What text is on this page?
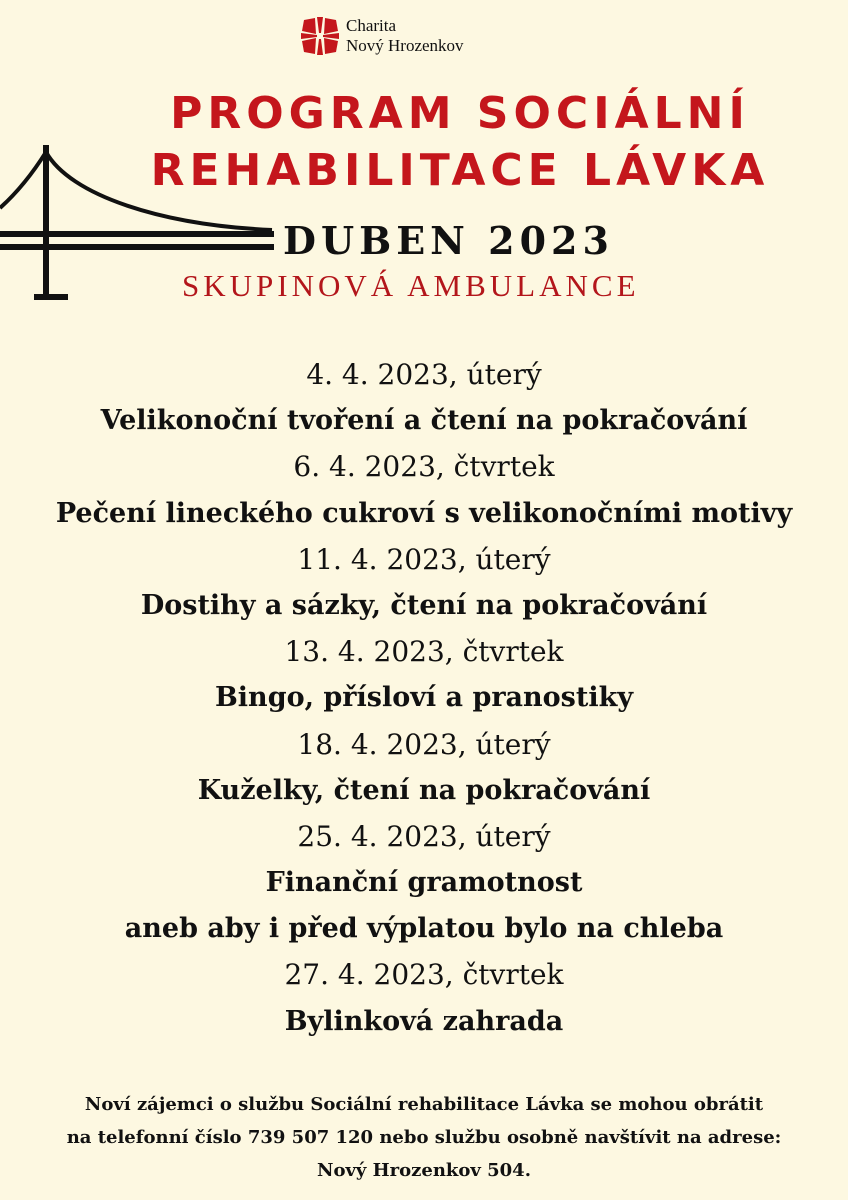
Charita
Nový Hrozenkov
PROGRAM SOCIÁLNÍ
REHABILITACE LÁVKA
DUBEN 2023
SKUPINOVÁ AMBULANCE
4. 4. 2023, úterý
Velikonoční tvoření a čtení na pokračování
6. 4. 2023, čtvrtek
Pečení lineckého cukroví s velikonočními motivy
11. 4. 2023, úterý
Dostihy a sázky, čtení na pokračování
13. 4. 2023, čtvrtek
Bingo, přísloví a pranostiky
18. 4. 2023, úterý
Kuželky, čtení na pokračování
25. 4. 2023, úterý
Finanční gramotnost
aneb aby i před výplatou bylo na chleba
27. 4. 2023, čtvrtek
Bylinková zahrada
Noví zájemci o službu Sociální rehabilitace Lávka se mohou obrátit
na telefonní číslo 739 507 120 nebo službu osobně navštívit na adrese:
Nový Hrozenkov 504.
